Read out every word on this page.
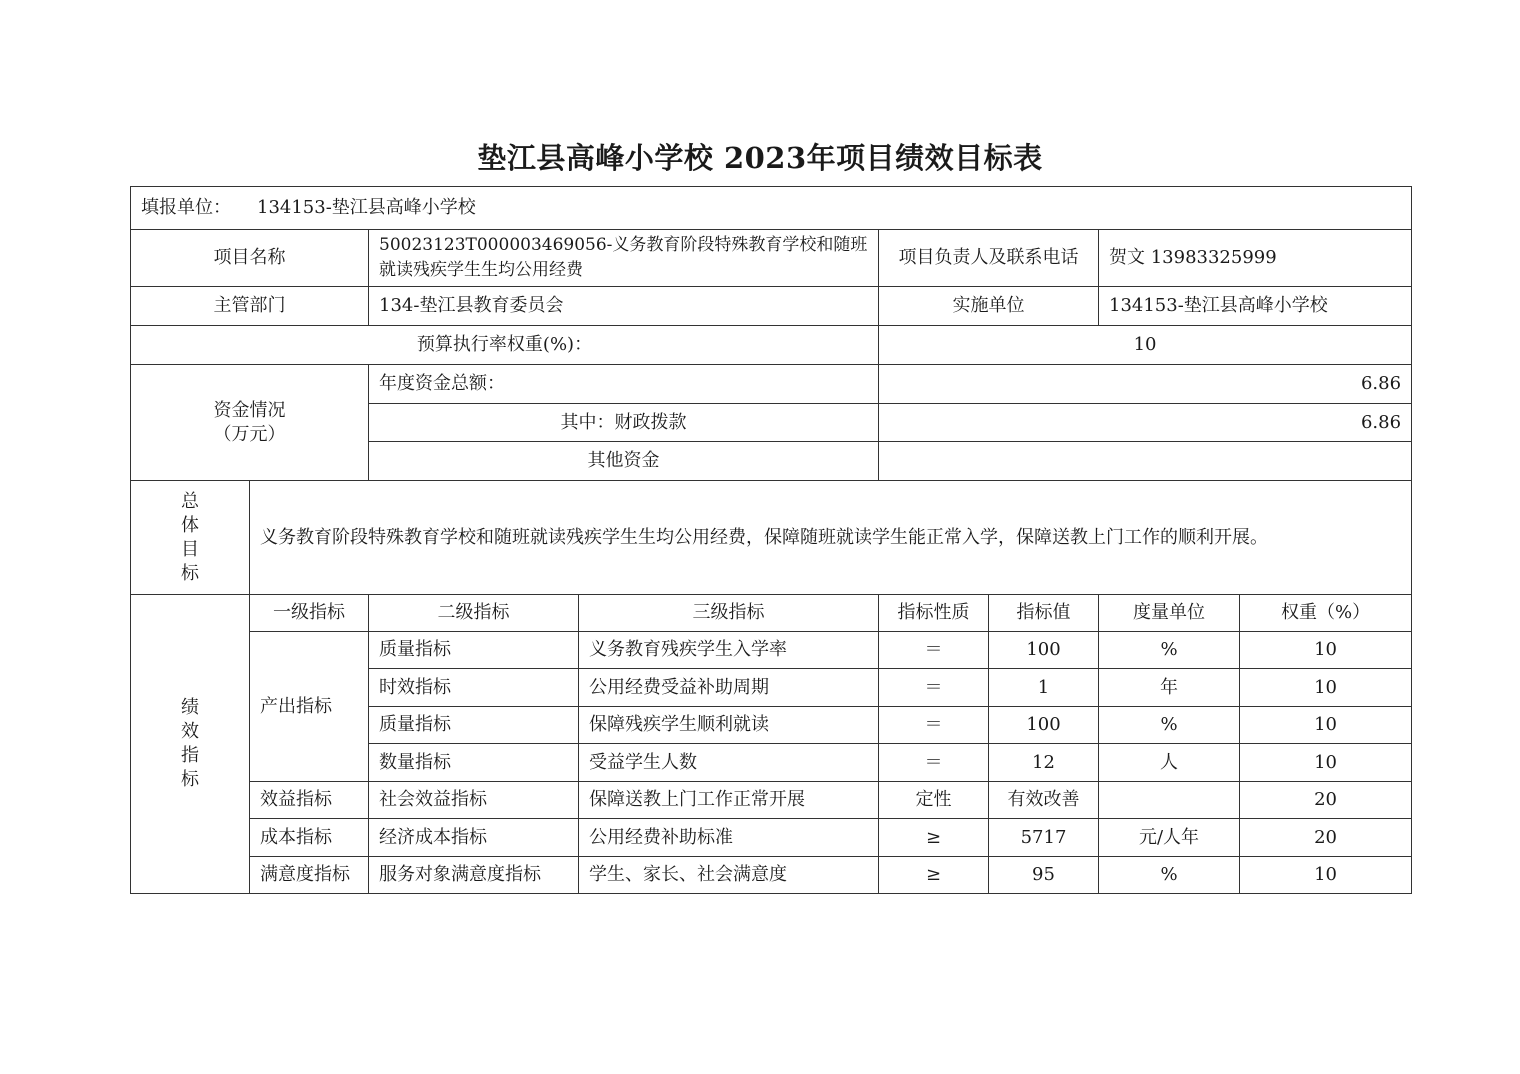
垫江县高峰小学校 2023年项目绩效目标表
填报单位： 134153-垫江县高峰小学校							
项目名称		50023123T000003469056-义务教育阶段特殊教育学校和随班就读残疾学生生均公用经费		项目负责人及联系电话		贺文 13983325999	
主管部门		134-垫江县教育委员会		实施单位		134153-垫江县高峰小学校	
预算执行率权重(%)：				10			

资金情况
（万元）		年度资金总额：		6.86			
		其中：财政拨款		6.86			
		其他资金					

总
体
目
标	义务教育阶段特殊教育学校和随班就读残疾学生生均公用经费，保障随班就读学生能正常入学，保障送教上门工作的顺利开展。						

绩
效
指
标	一级指标	二级指标	三级指标	指标性质	指标值	度量单位	权重（%）
	产出指标	质量指标	义务教育残疾学生入学率	＝	100	%	10
		时效指标	公用经费受益补助周期	＝	1	年	10
		质量指标	保障残疾学生顺利就读	＝	100	%	10
		数量指标	受益学生人数	＝	12	人	10
	效益指标	社会效益指标	保障送教上门工作正常开展	定性	有效改善		20
	成本指标	经济成本指标	公用经费补助标准	≥	5717	元/人年	20
	满意度指标	服务对象满意度指标	学生、家长、社会满意度	≥	95	%	10
